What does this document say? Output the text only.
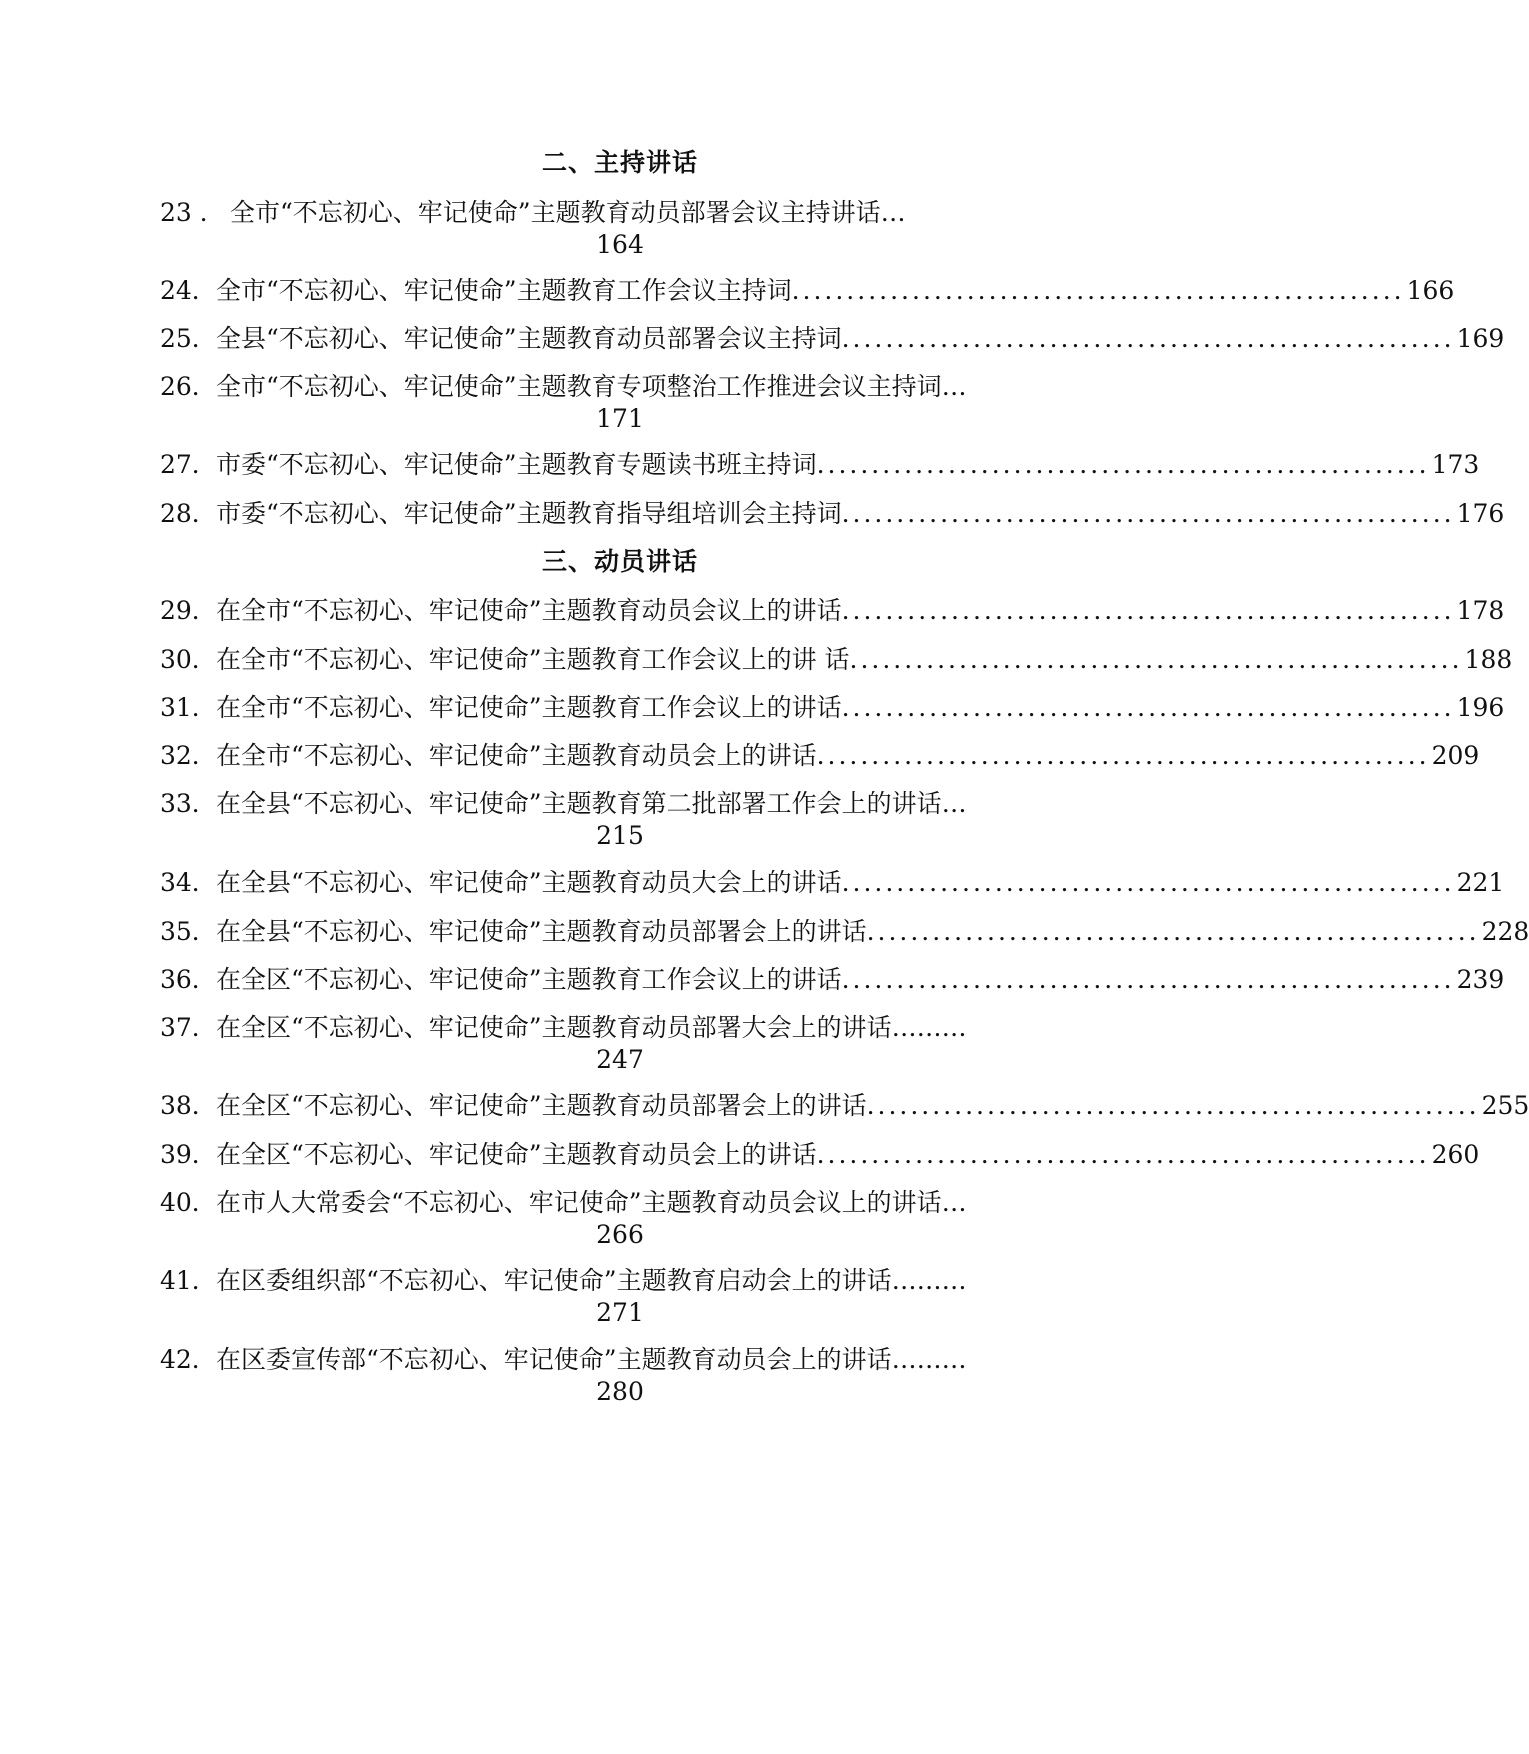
二、主持讲话
23 ． 全市“不忘初心、牢记使命”主题教育动员部署会议主持讲话…
164
24． 全市“不忘初心、牢记使命”主题教育工作会议主持词 ........................................................ 166
25． 全县“不忘初心、牢记使命”主题教育动员部署会议主持词 ........................................................ 169
26．全市“不忘初心、牢记使命”主题教育专项整治工作推进会议主持词…
171
27． 市委“不忘初心、牢记使命”主题教育专题读书班主持词 ........................................................ 173
28． 市委“不忘初心、牢记使命”主题教育指导组培训会主持词 ........................................................ 176
三、动员讲话
29． 在全市“不忘初心、牢记使命”主题教育动员会议上的讲话 ........................................................ 178
30． 在全市“不忘初心、牢记使命”主题教育工作会议上的讲 话 ........................................................ 188
31． 在全市“不忘初心、牢记使命”主题教育工作会议上的讲话 ........................................................ 196
32． 在全市“不忘初心、牢记使命”主题教育动员会上的讲话 ........................................................ 209
33．在全县“不忘初心、牢记使命”主题教育第二批部署工作会上的讲话…
215
34． 在全县“不忘初心、牢记使命”主题教育动员大会上的讲话 ........................................................ 221
35． 在全县“不忘初心、牢记使命”主题教育动员部署会上的讲话 ........................................................ 228
36． 在全区“不忘初心、牢记使命”主题教育工作会议上的讲话 ........................................................ 239
37．在全区“不忘初心、牢记使命”主题教育动员部署大会上的讲话………
247
38． 在全区“不忘初心、牢记使命”主题教育动员部署会上的讲话 ........................................................ 255
39． 在全区“不忘初心、牢记使命”主题教育动员会上的讲话 ........................................................ 260
40．在市人大常委会“不忘初心、牢记使命”主题教育动员会议上的讲话…
266
41．在区委组织部“不忘初心、牢记使命”主题教育启动会上的讲话………
271
42．在区委宣传部“不忘初心、牢记使命”主题教育动员会上的讲话………
280
